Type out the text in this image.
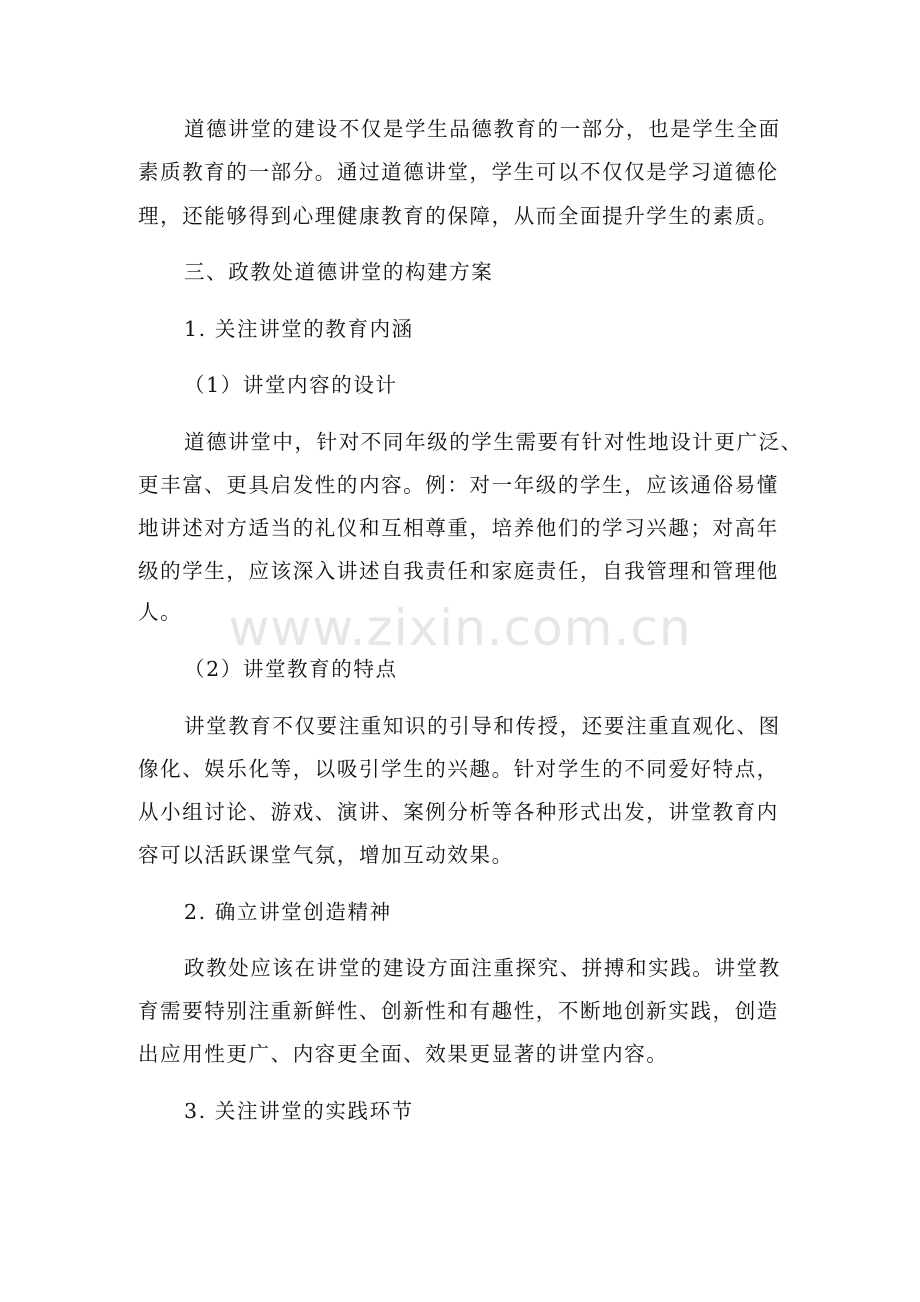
道德讲堂的建设不仅是学生品德教育的一部分，也是学生全面
素质教育的一部分。通过道德讲堂，学生可以不仅仅是学习道德伦
理，还能够得到心理健康教育的保障，从而全面提升学生的素质。
三、政教处道德讲堂的构建方案
1. 关注讲堂的教育内涵
（1）讲堂内容的设计
道德讲堂中，针对不同年级的学生需要有针对性地设计更广泛、
更丰富、更具启发性的内容。例：对一年级的学生，应该通俗易懂
地讲述对方适当的礼仪和互相尊重，培养他们的学习兴趣；对高年
级的学生，应该深入讲述自我责任和家庭责任，自我管理和管理他
人。
（2）讲堂教育的特点
讲堂教育不仅要注重知识的引导和传授，还要注重直观化、图
像化、娱乐化等，以吸引学生的兴趣。针对学生的不同爱好特点，
从小组讨论、游戏、演讲、案例分析等各种形式出发，讲堂教育内
容可以活跃课堂气氛，增加互动效果。
2. 确立讲堂创造精神
政教处应该在讲堂的建设方面注重探究、拼搏和实践。讲堂教
育需要特别注重新鲜性、创新性和有趣性，不断地创新实践，创造
出应用性更广、内容更全面、效果更显著的讲堂内容。
3. 关注讲堂的实践环节
www.zixin.com.cn
